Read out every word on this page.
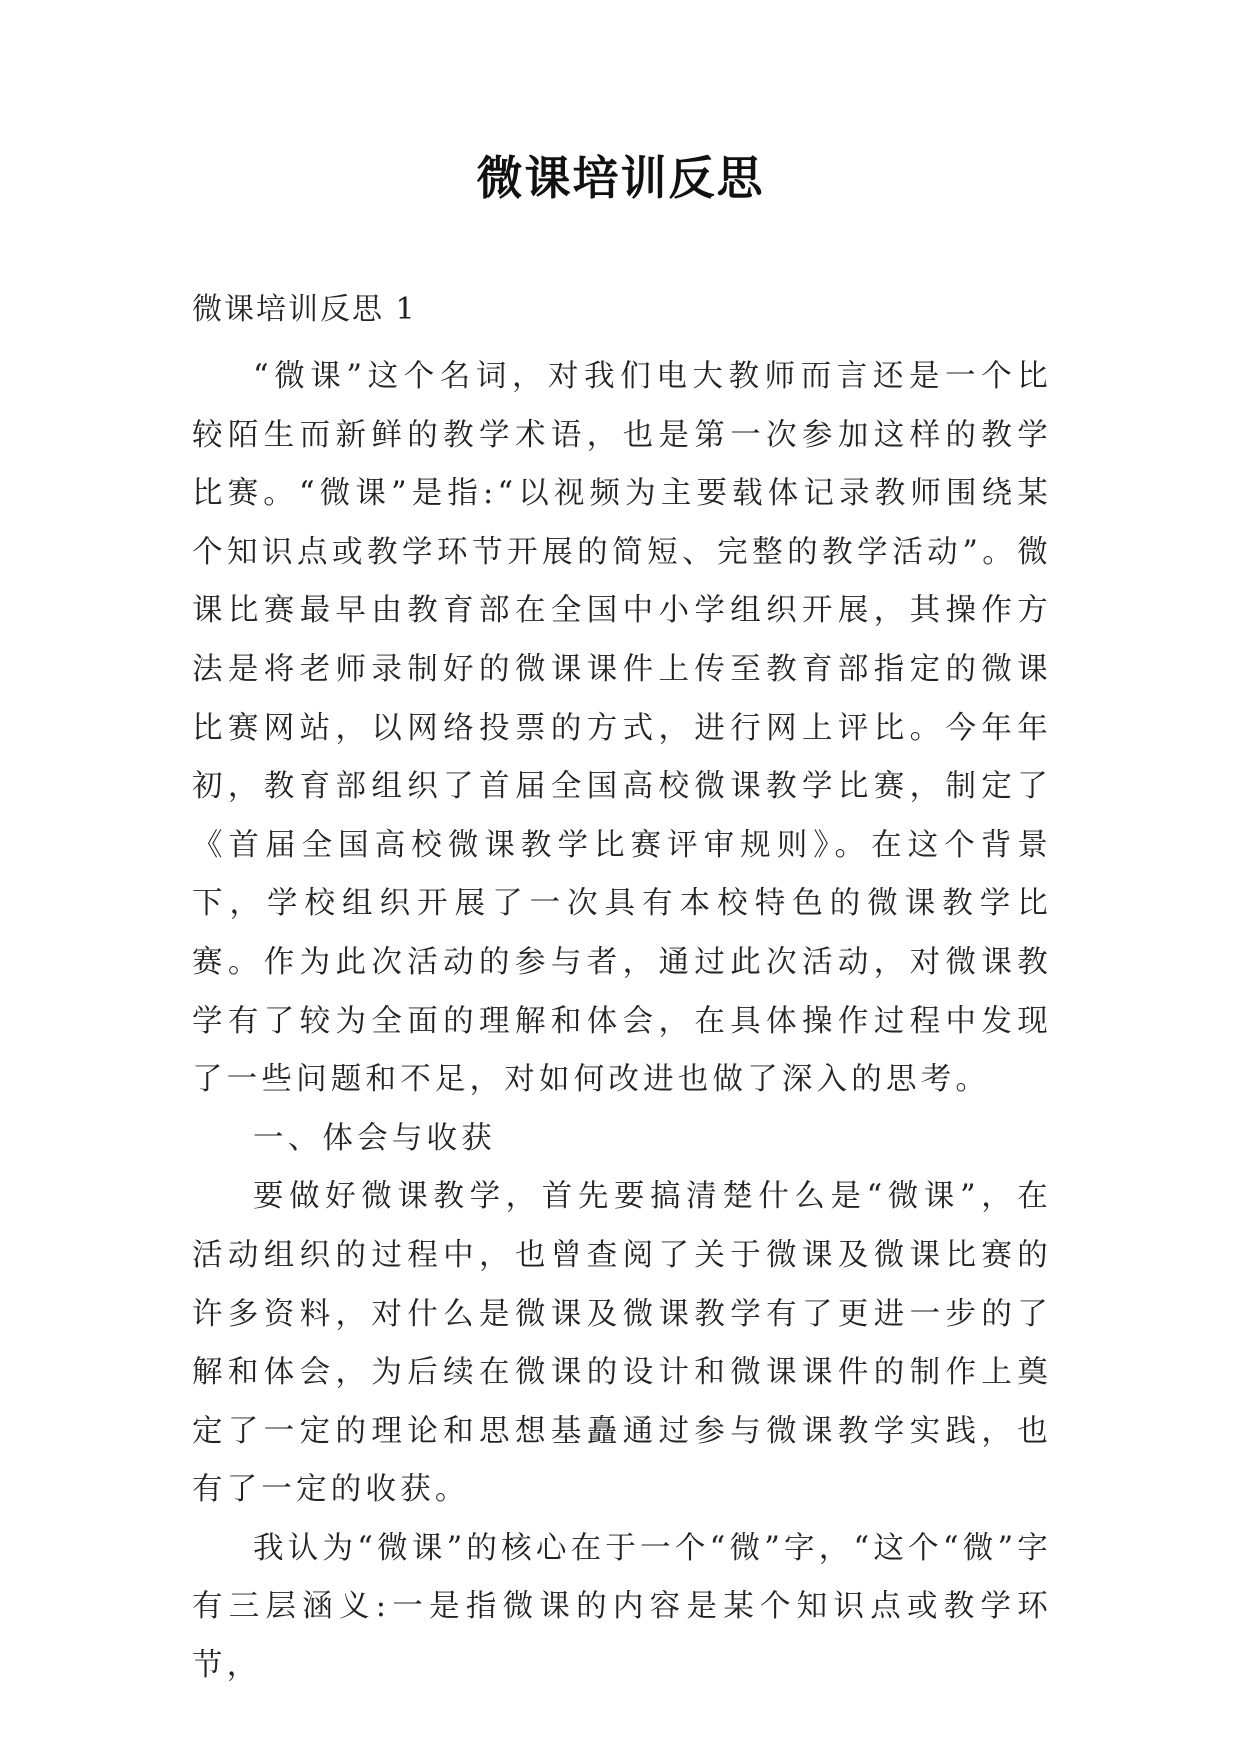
微课培训反思
微课培训反思 1

“微课”这个名词，对我们电大教师而言还是一个比较陌生而新鲜的教学术语，也是第一次参加这样的教学比赛。“微课”是指:“以视频为主要载体记录教师围绕某个知识点或教学环节开展的简短、完整的教学活动”。微课比赛最早由教育部在全国中小学组织开展，其操作方法是将老师录制好的微课课件上传至教育部指定的微课比赛网站，以网络投票的方式，进行网上评比。今年年初，教育部组织了首届全国高校微课教学比赛，制定了《首届全国高校微课教学比赛评审规则》。在这个背景下，学校组织开展了一次具有本校特色的微课教学比赛。作为此次活动的参与者，通过此次活动，对微课教学有了较为全面的理解和体会，在具体操作过程中发现了一些问题和不足，对如何改进也做了深入的思考。

一、体会与收获

要做好微课教学，首先要搞清楚什么是“微课”，在活动组织的过程中，也曾查阅了关于微课及微课比赛的许多资料，对什么是微课及微课教学有了更进一步的了解和体会，为后续在微课的设计和微课课件的制作上奠定了一定的理论和思想基矗通过参与微课教学实践，也有了一定的收获。

我认为“微课”的核心在于一个“微”字，“这个“微”字有三层涵义:一是指微课的内容是某个知识点或教学环节，
